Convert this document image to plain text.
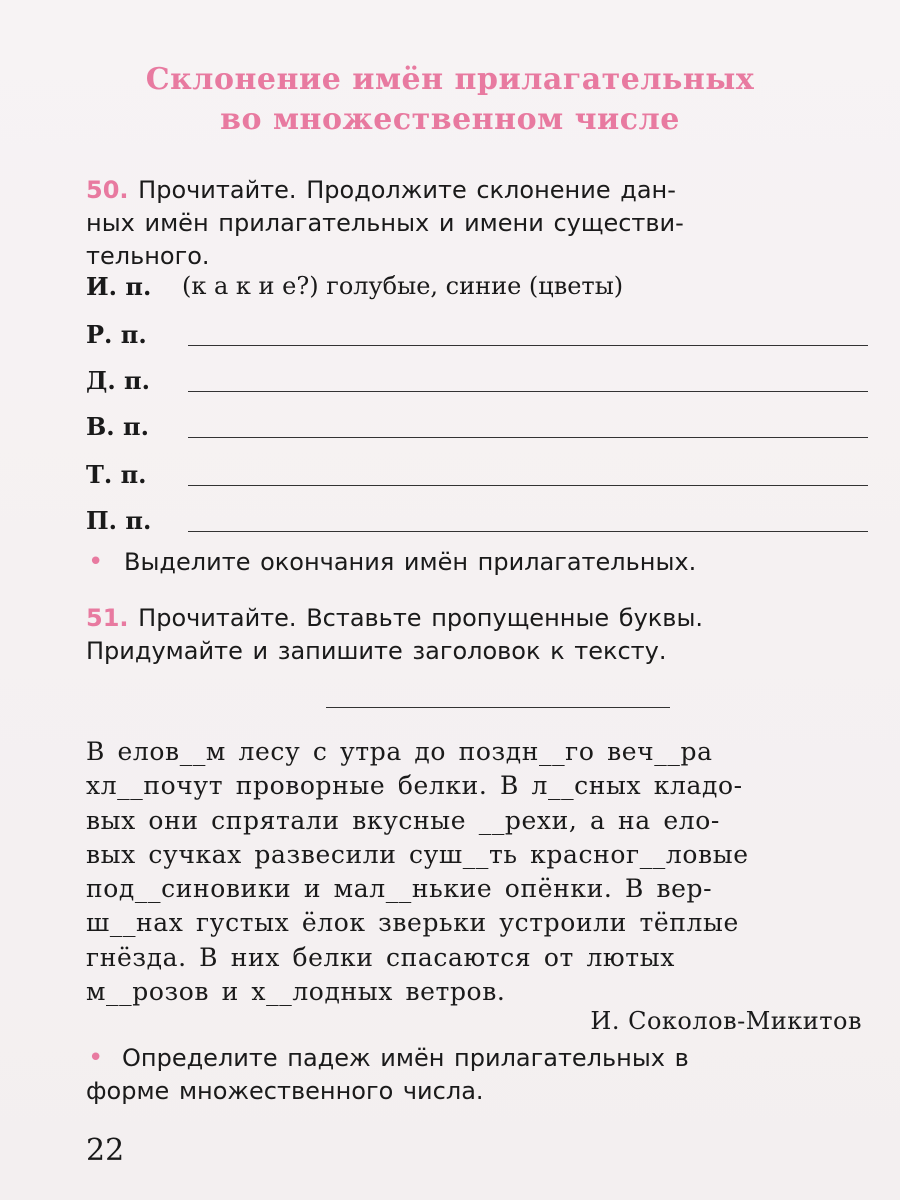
Склонение имён прилагательных
во множественном числе
50. Прочитайте. Продолжите склонение дан-
ных имён прилагательных и имени существи-
тельного.
И. п. (к а к и е?) голубые, синие (цветы)
Р. п.
Д. п.
В. п.
Т. п.
П. п.
• Выделите окончания имён прилагательных.
51. Прочитайте. Вставьте пропущенные буквы.
Придумайте и запишите заголовок к тексту.
В елов__м лесу с утра до поздн__го веч__ра
хл__почут проворные белки. В л__сных кладо-
вых они спрятали вкусные __рехи, а на ело-
вых сучках развесили суш__ть красног__ловые
под__синовики и мал__нькие опёнки. В вер-
ш__нах густых ёлок зверьки устроили тёплые
гнёзда. В них белки спасаются от лютых
м__розов и х__лодных ветров.
И. Соколов-Микитов
• Определите падеж имён прилагательных в
форме множественного числа.
22
